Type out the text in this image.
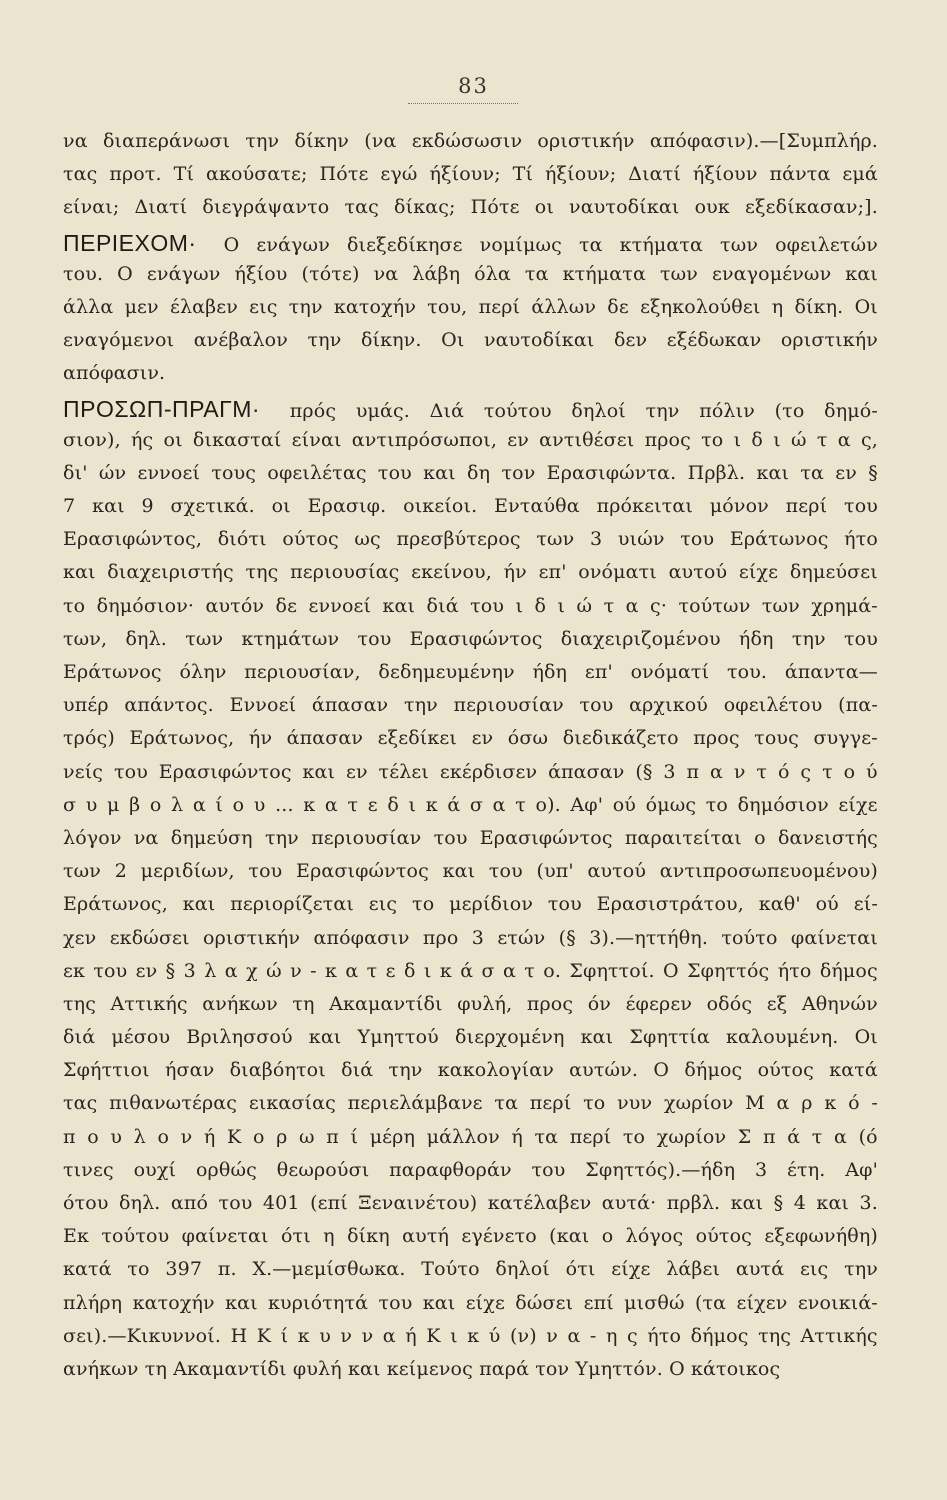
83
να διαπεράνωσι την δίκην (να εκδώσωσιν οριστικήν απόφασιν).—[Συμπλήρ.
τας προτ. Τί ακούσατε; Πότε εγώ ήξίουν; Τί ήξίουν; Διατί ήξίουν πάντα εμά
είναι; Διατί διεγράψαντο τας δίκας; Πότε οι ναυτοδίκαι ουκ εξεδίκασαν;].
ΠΕΡΙΕΧΟΜ· Ο ενάγων διεξεδίκησε νομίμως τα κτήματα των οφειλετών
του. Ο ενάγων ήξίου (τότε) να λάβη όλα τα κτήματα των εναγομένων και
άλλα μεν έλαβεν εις την κατοχήν του, περί άλλων δε εξηκολούθει η δίκη. Οι
εναγόμενοι ανέβαλον την δίκην. Οι ναυτοδίκαι δεν εξέδωκαν οριστικήν
απόφασιν.
ΠΡΟΣΩΠ-ΠΡΑΓΜ· πρός υμάς. Διά τούτου δηλοί την πόλιν (το δημό-
σιον), ής οι δικασταί είναι αντιπρόσωποι, εν αντιθέσει προς το ι δ ι ώ τ α ς,
δι' ών εννοεί τους οφειλέτας του και δη τον Ερασιφώντα. Πρβλ. και τα εν §
7 και 9 σχετικά. οι Ερασιφ. οικείοι. Ενταύθα πρόκειται μόνον περί του
Ερασιφώντος, διότι ούτος ως πρεσβύτερος των 3 υιών του Εράτωνος ήτο
και διαχειριστής της περιουσίας εκείνου, ήν επ' ονόματι αυτού είχε δημεύσει
το δημόσιον· αυτόν δε εννοεί και διά του ι δ ι ώ τ α ς· τούτων των χρημά-
των, δηλ. των κτημάτων του Ερασιφώντος διαχειριζομένου ήδη την του
Εράτωνος όλην περιουσίαν, δεδημευμένην ήδη επ' ονόματί του. άπαντα—
υπέρ απάντος. Εννοεί άπασαν την περιουσίαν του αρχικού οφειλέτου (πα-
τρός) Εράτωνος, ήν άπασαν εξεδίκει εν όσω διεδικάζετο προς τους συγγε-
νείς του Ερασιφώντος και εν τέλει εκέρδισεν άπασαν (§ 3 π α ν τ ό ς τ ο ύ
σ υ μ β ο λ α ί ο υ ... κ α τ ε δ ι κ ά σ α τ ο). Αφ' ού όμως το δημόσιον είχε
λόγον να δημεύση την περιουσίαν του Ερασιφώντος παραιτείται ο δανειστής
των 2 μεριδίων, του Ερασιφώντος και του (υπ' αυτού αντιπροσωπευομένου)
Εράτωνος, και περιορίζεται εις το μερίδιον του Ερασιστράτου, καθ' ού εί-
χεν εκδώσει οριστικήν απόφασιν προ 3 ετών (§ 3).—ηττήθη. τούτο φαίνεται
εκ του εν § 3 λ α χ ώ ν - κ α τ ε δ ι κ ά σ α τ ο. Σφηττοί. Ο Σφηττός ήτο δήμος
της Αττικής ανήκων τη Ακαμαντίδι φυλή, προς όν έφερεν οδός εξ Αθηνών
διά μέσου Βριλησσού και Υμηττού διερχομένη και Σφηττία καλουμένη. Οι
Σφήττιοι ήσαν διαβόητοι διά την κακολογίαν αυτών. Ο δήμος ούτος κατά
τας πιθανωτέρας εικασίας περιελάμβανε τα περί το νυν χωρίον Μ α ρ κ ό -
π ο υ λ ο ν ή Κ ο ρ ω π ί μέρη μάλλον ή τα περί το χωρίον Σ π ά τ α (ό
τινες ουχί ορθώς θεωρούσι παραφθοράν του Σφηττός).—ήδη 3 έτη. Αφ'
ότου δηλ. από του 401 (επί Ξεναινέτου) κατέλαβεν αυτά· πρβλ. και § 4 και 3.
Εκ τούτου φαίνεται ότι η δίκη αυτή εγένετο (και ο λόγος ούτος εξεφωνήθη)
κατά το 397 π. Χ.—μεμίσθωκα. Τούτο δηλοί ότι είχε λάβει αυτά εις την
πλήρη κατοχήν και κυριότητά του και είχε δώσει επί μισθώ (τα είχεν ενοικιά-
σει).—Κικυννοί. Η Κ ί κ υ ν ν α ή Κ ι κ ύ (ν) ν α - η ς ήτο δήμος της Αττικής
ανήκων τη Ακαμαντίδι φυλή και κείμενος παρά τον Υμηττόν. Ο κάτοικος
